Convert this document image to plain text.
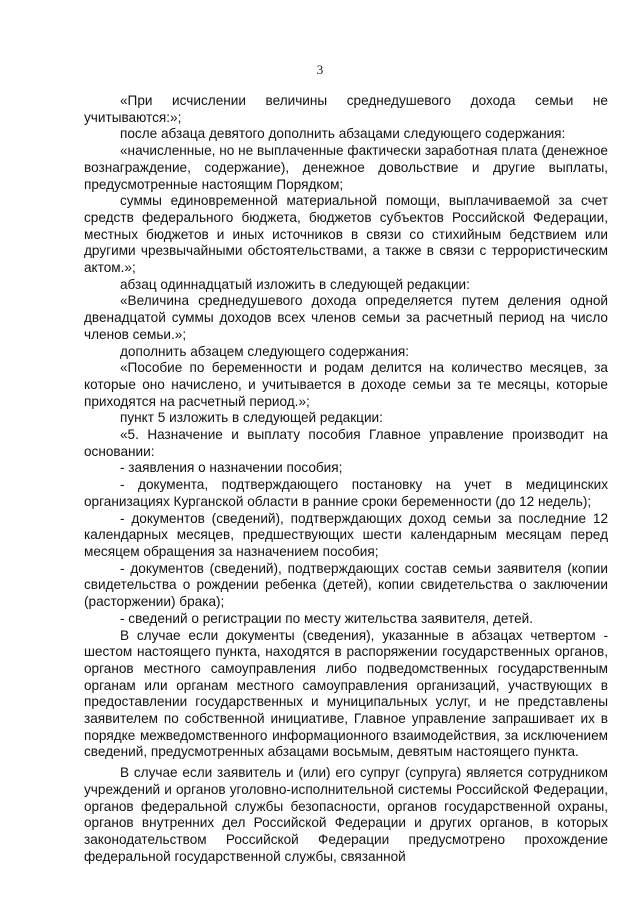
3

«При исчислении величины среднедушевого дохода семьи не учитываются:»;

после абзаца девятого дополнить абзацами следующего содержания:

«начисленные, но не выплаченные фактически заработная плата (денежное вознаграждение, содержание), денежное довольствие и другие выплаты, предусмотренные настоящим Порядком;

суммы единовременной материальной помощи, выплачиваемой за счет средств федерального бюджета, бюджетов субъектов Российской Федерации, местных бюджетов и иных источников в связи со стихийным бедствием или другими чрезвычайными обстоятельствами, а также в связи с террористическим актом.»;

абзац одиннадцатый изложить в следующей редакции:

«Величина среднедушевого дохода определяется путем деления одной двенадцатой суммы доходов всех членов семьи за расчетный период на число членов семьи.»;

дополнить абзацем следующего содержания:

«Пособие по беременности и родам делится на количество месяцев, за которые оно начислено, и учитывается в доходе семьи за те месяцы, которые приходятся на расчетный период.»;

пункт 5 изложить в следующей редакции:

«5. Назначение и выплату пособия Главное управление производит на основании:

- заявления о назначении пособия;

- документа, подтверждающего постановку на учет в медицинских организациях Курганской области в ранние сроки беременности (до 12 недель);

- документов (сведений), подтверждающих доход семьи за последние 12 календарных месяцев, предшествующих шести календарным месяцам перед месяцем обращения за назначением пособия;

- документов (сведений), подтверждающих состав семьи заявителя (копии свидетельства о рождении ребенка (детей), копии свидетельства о заключении (расторжении) брака);

- сведений о регистрации по месту жительства заявителя, детей.

В случае если документы (сведения), указанные в абзацах четвертом - шестом настоящего пункта, находятся в распоряжении государственных органов, органов местного самоуправления либо подведомственных государственным органам или органам местного самоуправления организаций, участвующих в предоставлении государственных и муниципальных услуг, и не представлены заявителем по собственной инициативе, Главное управление запрашивает их в порядке межведомственного информационного взаимодействия, за исключением сведений, предусмотренных абзацами восьмым, девятым настоящего пункта.

В случае если заявитель и (или) его супруг (супруга) является сотрудником учреждений и органов уголовно-исполнительной системы Российской Федерации, органов федеральной службы безопасности, органов государственной охраны, органов внутренних дел Российской Федерации и других органов, в которых законодательством Российской Федерации предусмотрено прохождение федеральной государственной службы, связанной
